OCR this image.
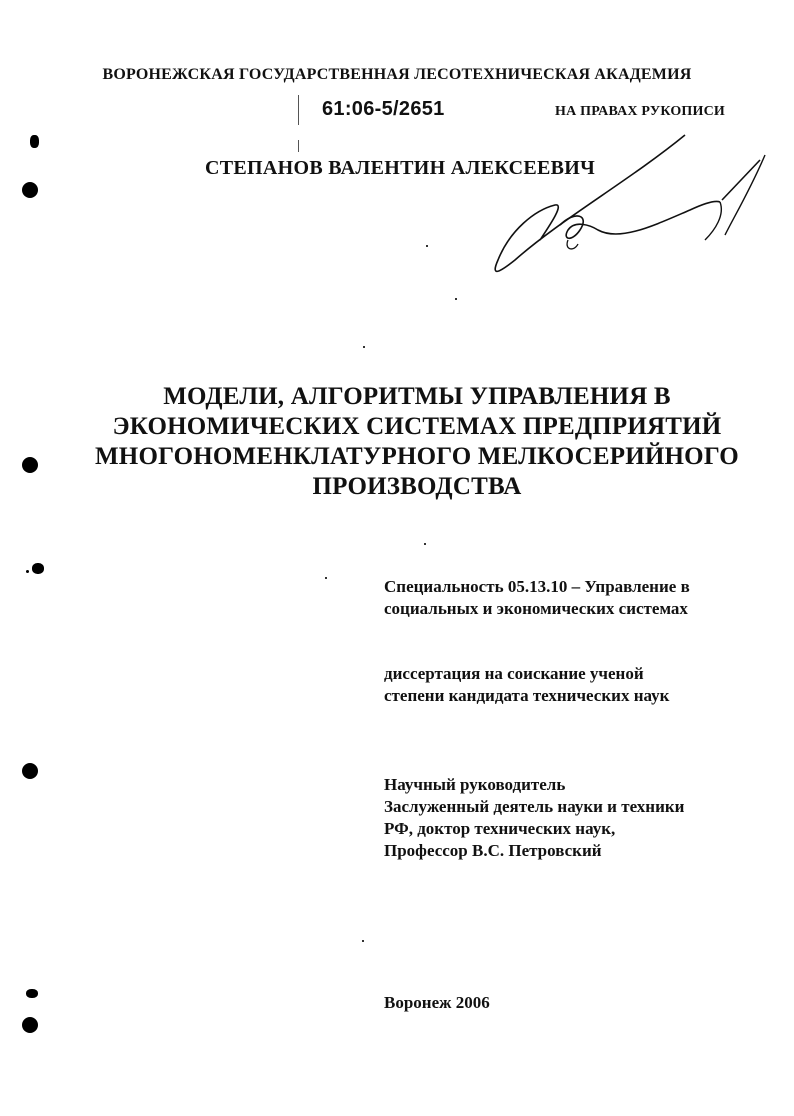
ВОРОНЕЖСКАЯ ГОСУДАРСТВЕННАЯ ЛЕСОТЕХНИЧЕСКАЯ АКАДЕМИЯ
61:06-5/2651	НА ПРАВАХ РУКОПИСИ
СТЕПАНОВ ВАЛЕНТИН АЛЕКСЕЕВИЧ
МОДЕЛИ, АЛГОРИТМЫ УПРАВЛЕНИЯ В
ЭКОНОМИЧЕСКИХ СИСТЕМАХ ПРЕДПРИЯТИЙ
МНОГОНОМЕНКЛАТУРНОГО МЕЛКОСЕРИЙНОГО
ПРОИЗВОДСТВА
Специальность 05.13.10 – Управление в
социальных и экономических системах
диссертация на соискание ученой
степени кандидата технических наук
Научный руководитель
Заслуженный деятель науки и техники
РФ, доктор технических наук,
Профессор В.С. Петровский
Воронеж 2006
